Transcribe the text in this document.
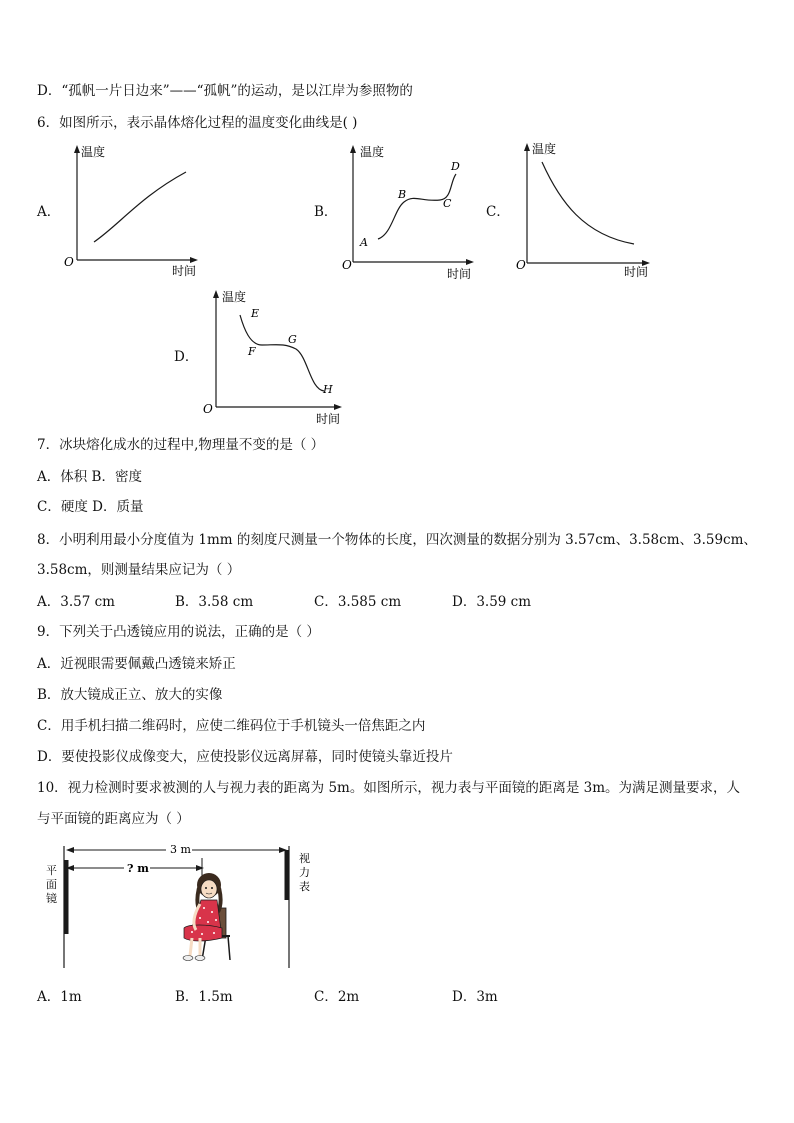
D．“孤帆一片日边来”——“孤帆”的运动，是以江岸为参照物的
6．如图所示，表示晶体熔化过程的温度变化曲线是( )
A．
温度
时间
O
B．
温度
时间
O
A
B
C
D
C．
温度
时间
O
D．
温度
时间
O
E
F
G
H
7．冰块熔化成水的过程中,物理量不变的是（ ）
A．体积 B．密度
C．硬度 D．质量
8．小明利用最小分度值为 1mm 的刻度尺测量一个物体的长度，四次测量的数据分别为 3.57cm、3.58cm、3.59cm、
3.58cm，则测量结果应记为（ ）
A．3.57 cm	B．3.58 cm	C．3.585 cm	D．3.59 cm
9．下列关于凸透镜应用的说法，正确的是（ ）
A．近视眼需要佩戴凸透镜来矫正
B．放大镜成正立、放大的实像
C．用手机扫描二维码时，应使二维码位于手机镜头一倍焦距之内
D．要使投影仪成像变大，应使投影仪远离屏幕，同时使镜头靠近投片
10．视力检测时要求被测的人与视力表的距离为 5m。如图所示，视力表与平面镜的距离是 3m。为满足测量要求，人
与平面镜的距离应为（ ）
3 m
? m
平
面
镜
视
力
表
A．1m	B．1.5m	C．2m	D．3m
